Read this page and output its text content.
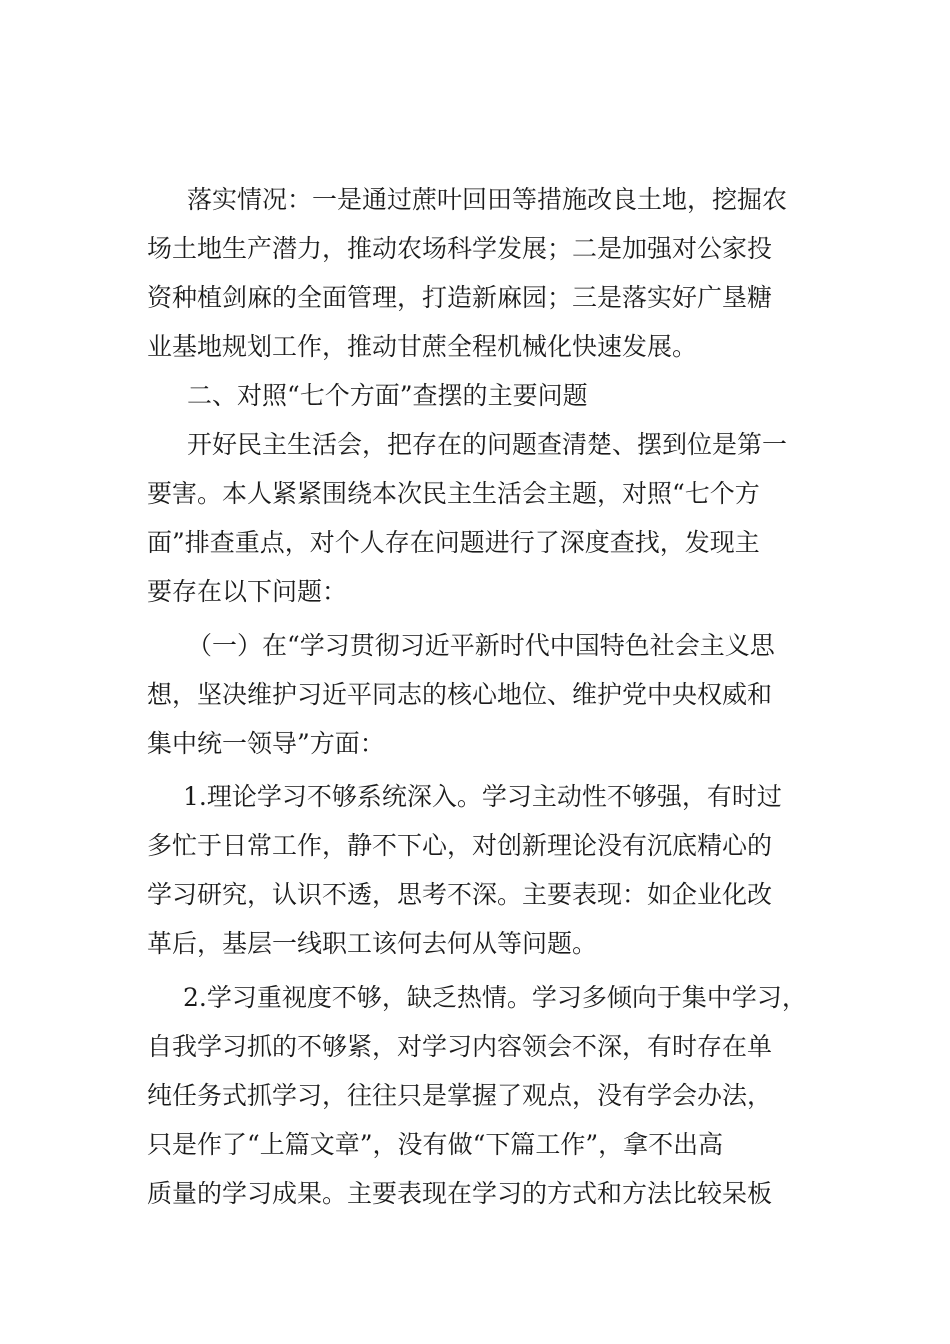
落实情况：一是通过蔗叶回田等措施改良土地，挖掘农
场土地生产潜力，推动农场科学发展；二是加强对公家投
资种植剑麻的全面管理，打造新麻园；三是落实好广垦糖
业基地规划工作，推动甘蔗全程机械化快速发展。
二、对照“七个方面”查摆的主要问题
开好民主生活会，把存在的问题查清楚、摆到位是第一
要害。本人紧紧围绕本次民主生活会主题，对照“七个方
面”排查重点，对个人存在问题进行了深度查找，发现主
要存在以下问题：
（一）在“学习贯彻习近平新时代中国特色社会主义思
想，坚决维护习近平同志的核心地位、维护党中央权威和
集中统一领导”方面：
1.理论学习不够系统深入。学习主动性不够强，有时过
多忙于日常工作，静不下心，对创新理论没有沉底精心的
学习研究，认识不透，思考不深。主要表现：如企业化改
革后，基层一线职工该何去何从等问题。
2.学习重视度不够，缺乏热情。学习多倾向于集中学习，
自我学习抓的不够紧，对学习内容领会不深，有时存在单
纯任务式抓学习，往往只是掌握了观点，没有学会办法，
只是作了“上篇文章”，没有做“下篇工作”，拿不出高
质量的学习成果。主要表现在学习的方式和方法比较呆板
